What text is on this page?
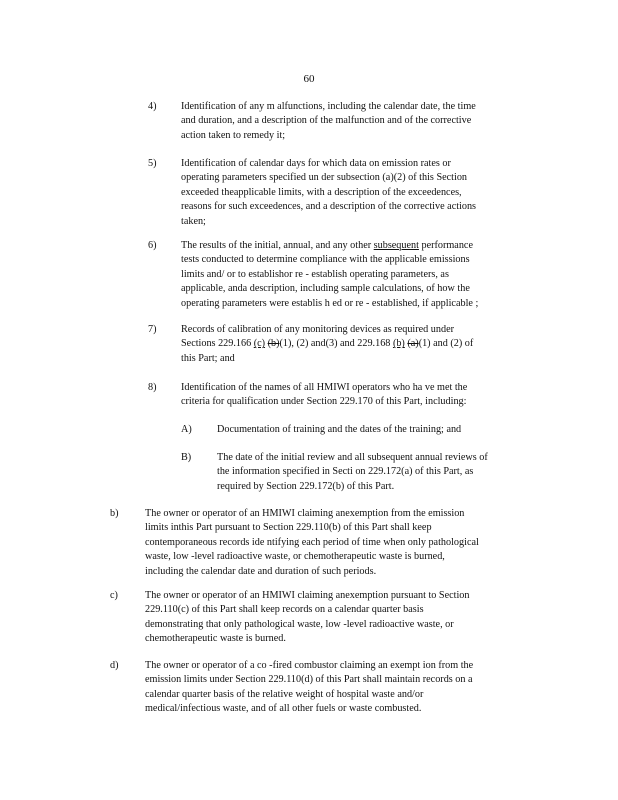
60
4) Identification of any m alfunctions, including the calendar date, the time
and duration, and a description of the malfunction and of the corrective
action taken to remedy it;
5) Identification of calendar days for which data on emission rates or
operating parameters specified un der subsection (a)(2) of this Section
exceeded theapplicable limits, with a description of the exceedences,
reasons for such exceedences, and a description of the corrective actions
taken;
6) The results of the initial, annual, and any other subsequent performance
tests conducted to determine compliance with the applicable emissions
limits and/ or to establishor re - establish operating parameters, as
applicable, anda description, including sample calculations, of how the
operating parameters were establis h ed or re - established, if applicable ;
7) Records of calibration of any monitoring devices as required under
Sections 229.166 (c) (b)(1), (2) and(3) and 229.168 (b) (a)(1) and (2) of
this Part; and
8) Identification of the names of all HMIWI operators who ha ve met the
criteria for qualification under Section 229.170 of this Part, including:
A) Documentation of training and the dates of the training; and
B)	The date of the initial review and all subsequent annual reviews of
the information specified in Secti on 229.172(a) of this Part, as
required by Section 229.172(b) of this Part.
b)	The owner or operator of an HMIWI claiming anexemption from the emission
limits inthis Part pursuant to Section 229.110(b) of this Part shall keep
contemporaneous records ide ntifying each period of time when only pathological
waste, low -level radioactive waste, or chemotherapeutic waste is burned,
including the calendar date and duration of such periods.
c)	The owner or operator of an HMIWI claiming anexemption pursuant to Section
229.110(c) of this Part shall keep records on a calendar quarter basis
demonstrating that only pathological waste, low -level radioactive waste, or
chemotherapeutic waste is burned.
d)	The owner or operator of a co -fired combustor claiming an exempt ion from the
emission limits under Section 229.110(d) of this Part shall maintain records on a
calendar quarter basis of the relative weight of hospital waste and/or
medical/infectious waste, and of all other fuels or waste combusted.
